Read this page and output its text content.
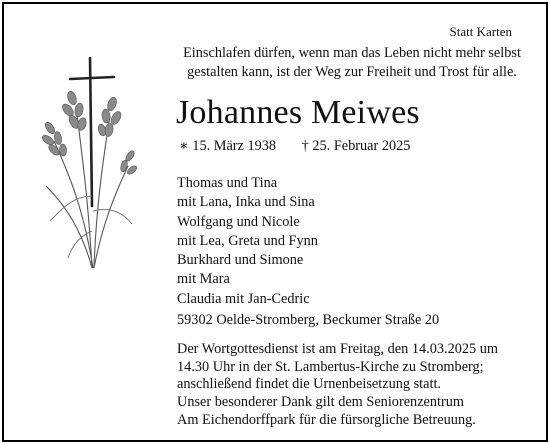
Statt Karten
Einschlafen dürfen, wenn man das Leben nicht mehr selbst
gestalten kann, ist der Weg zur Freiheit und Trost für alle.
Johannes Meiwes
∗ 15. März 1938 † 25. Februar 2025
Thomas und Tina
mit Lana, Inka und Sina
Wolfgang und Nicole
mit Lea, Greta und Fynn
Burkhard und Simone
mit Mara
Claudia mit Jan-Cedric
59302 Oelde-Stromberg, Beckumer Straße 20
Der Wortgottesdienst ist am Freitag, den 14.03.2025 um
14.30 Uhr in der St. Lambertus-Kirche zu Stromberg;
anschließend findet die Urnenbeisetzung statt.
Unser besonderer Dank gilt dem Seniorenzentrum
Am Eichendorffpark für die fürsorgliche Betreuung.
